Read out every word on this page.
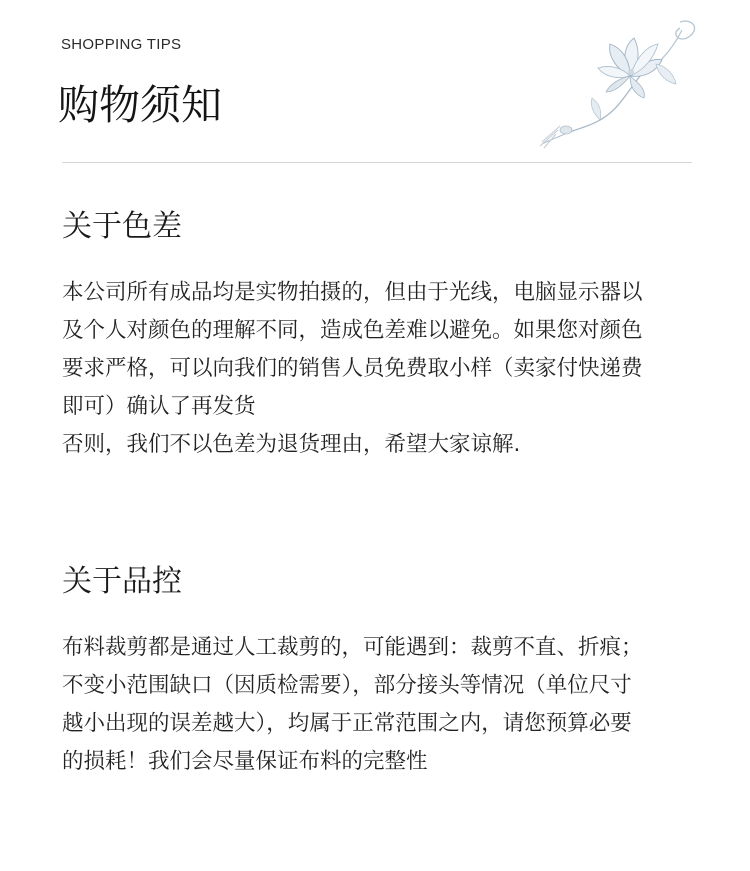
SHOPPING TIPS
购物须知
关于色差
本公司所有成品均是实物拍摄的，但由于光线，电脑显示器以
及个人对颜色的理解不同，造成色差难以避免。如果您对颜色
要求严格，可以向我们的销售人员免费取小样（卖家付快递费
即可）确认了再发货
否则，我们不以色差为退货理由，希望大家谅解.
关于品控
布料裁剪都是通过人工裁剪的，可能遇到：裁剪不直、折痕；
不变小范围缺口（因质检需要），部分接头等情况（单位尺寸
越小出现的误差越大），均属于正常范围之内，请您预算必要
的损耗！我们会尽量保证布料的完整性
